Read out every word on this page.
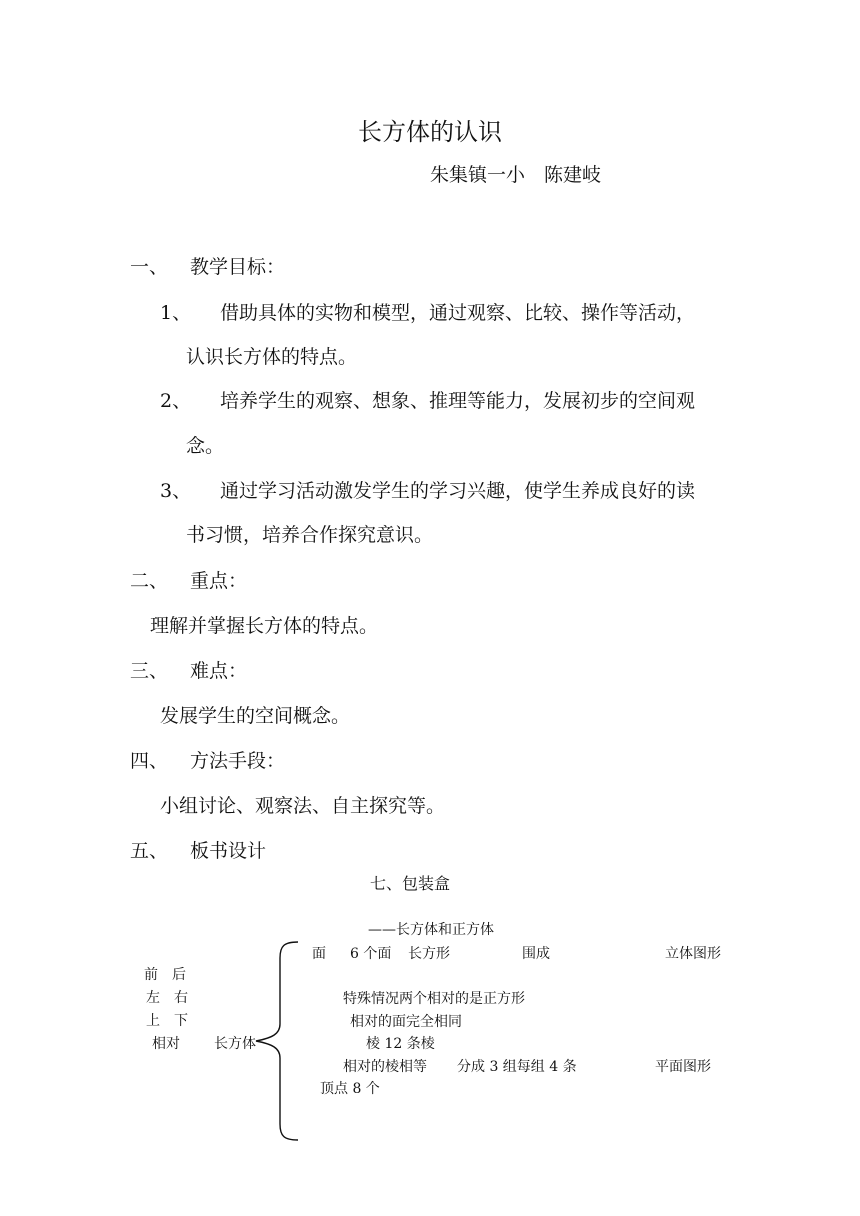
长方体的认识
朱集镇一小　陈建岐
一、 教学目标：
1、 借助具体的实物和模型，通过观察、比较、操作等活动，
认识长方体的特点。
2、 培养学生的观察、想象、推理等能力，发展初步的空间观
念。
3、 通过学习活动激发学生的学习兴趣，使学生养成良好的读
书习惯，培养合作探究意识。
二、 重点：
理解并掌握长方体的特点。
三、 难点：
发展学生的空间概念。
四、 方法手段：
小组讨论、观察法、自主探究等。
五、 板书设计
七、包装盒
——长方体和正方体
前　后
左　右
上　下
相对 长方体
面 6 个面 长方形	围成	立体图形
特殊情况两个相对的是正方形
相对的面完全相同
棱 12 条棱
相对的棱相等 分成 3 组每组 4 条	平面图形
顶点 8 个
